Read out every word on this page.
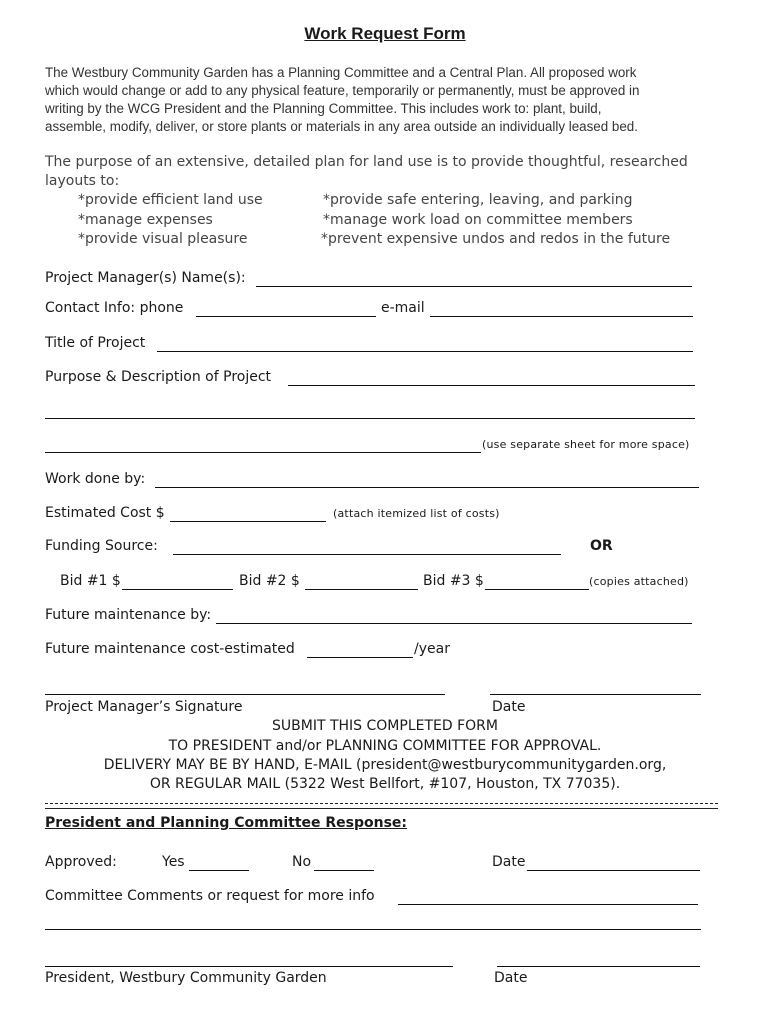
Work Request Form
The Westbury Community Garden has a Planning Committee and a Central Plan. All proposed work
which would change or add to any physical feature, temporarily or permanently, must be approved in
writing by the WCG President and the Planning Committee. This includes work to: plant, build,
assemble, modify, deliver, or store plants or materials in any area outside an individually leased bed.
The purpose of an extensive, detailed plan for land use is to provide thoughtful, researched
layouts to:
*provide efficient land use
*manage expenses
*provide visual pleasure
*provide safe entering, leaving, and parking
*manage work load on committee members
*prevent expensive undos and redos in the future
Project Manager(s) Name(s):
Contact Info: phone	e-mail
Title of Project
Purpose & Description of Project
(use separate sheet for more space)
Work done by:
Estimated Cost $	(attach itemized list of costs)
Funding Source:	OR
Bid #1 $	Bid #2 $	Bid #3 $	(copies attached)
Future maintenance by:
Future maintenance cost-estimated	/year
Project Manager’s Signature	Date
SUBMIT THIS COMPLETED FORM
TO PRESIDENT and/or PLANNING COMMITTEE FOR APPROVAL.
DELIVERY MAY BE BY HAND, E-MAIL (president@westburycommunitygarden.org,
OR REGULAR MAIL (5322 West Bellfort, #107, Houston, TX 77035).
President and Planning Committee Response:
Approved:	Yes	No	Date
Committee Comments or request for more info
President, Westbury Community Garden	Date
